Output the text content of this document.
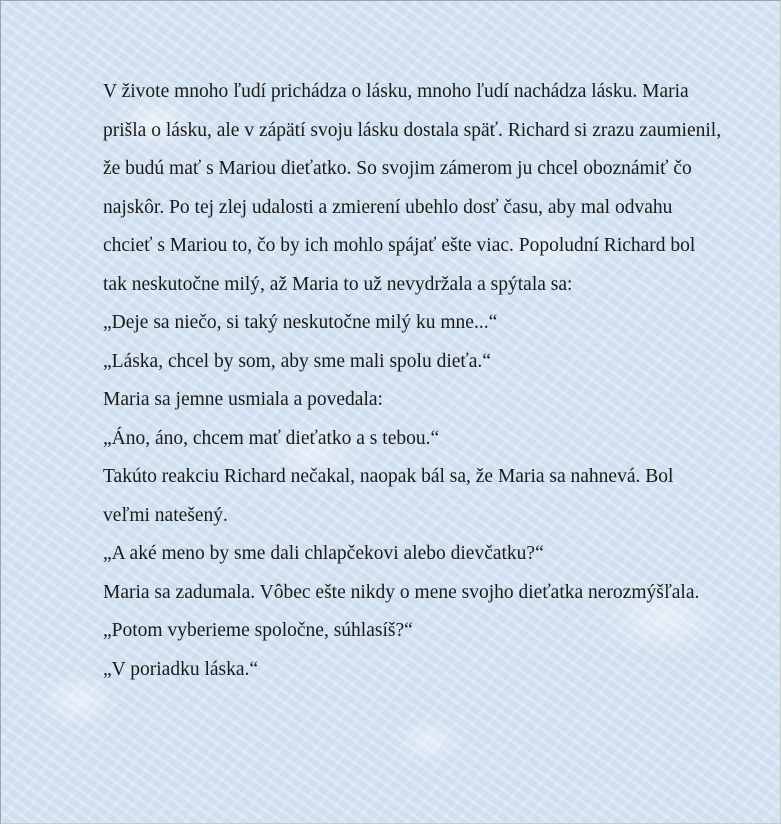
V živote mnoho ľudí prichádza o lásku, mnoho ľudí nachádza lásku. Maria prišla o lásku, ale v zápätí svoju lásku dostala späť. Richard si zrazu zaumienil, že budú mať s Mariou dieťatko. So svojim zámerom ju chcel oboznámiť čo najskôr. Po tej zlej udalosti a zmierení ubehlo dosť času, aby mal odvahu chcieť s Mariou to, čo by ich mohlo spájať ešte viac. Popoludní Richard bol tak neskutočne milý, až Maria to už nevydržala a spýtala sa:

„Deje sa niečo, si taký neskutočne milý ku mne...“

„Láska, chcel by som, aby sme mali spolu dieťa.“

Maria sa jemne usmiala a povedala:

„Áno, áno, chcem mať dieťatko a s tebou.“

Takúto reakciu Richard nečakal, naopak bál sa, že Maria sa nahnevá. Bol veľmi natešený.

„A aké meno by sme dali chlapčekovi alebo dievčatku?“

Maria sa zadumala. Vôbec ešte nikdy o mene svojho dieťatka nerozmýšľala.

„Potom vyberieme spoločne, súhlasíš?“

„V poriadku láska.“
